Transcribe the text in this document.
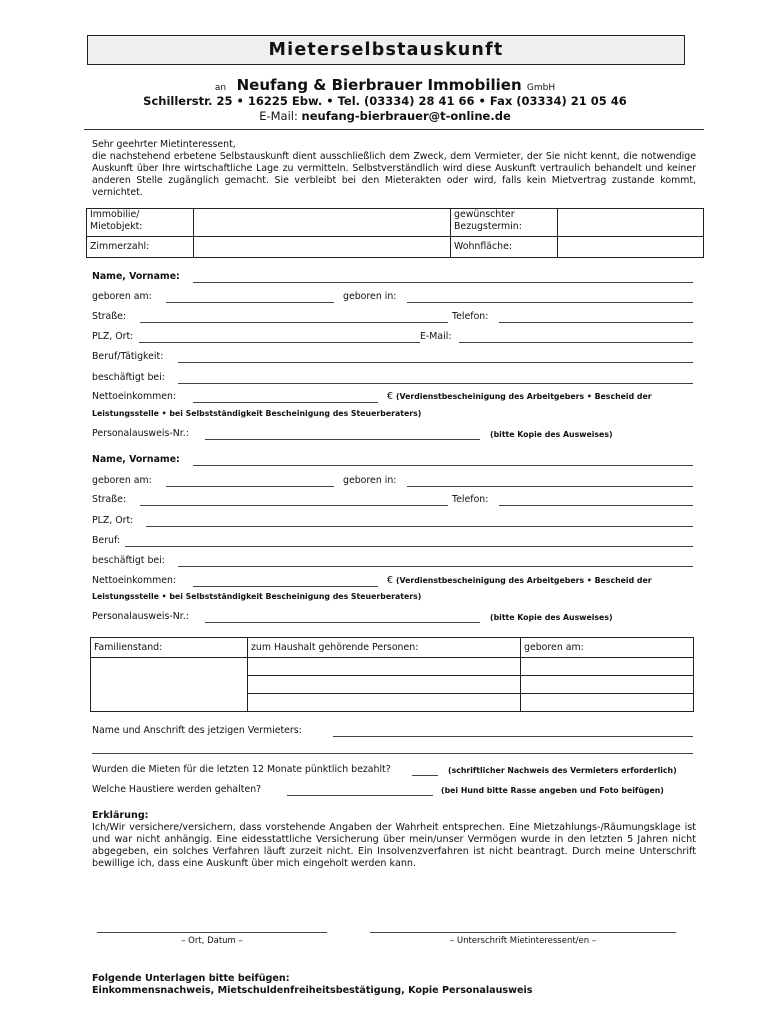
Mieterselbstauskunft
an Neufang & Bierbrauer Immobilien GmbH
Schillerstr. 25 • 16225 Ebw. • Tel. (03334) 28 41 66 • Fax (03334) 21 05 46
E-Mail: neufang-bierbrauer@t-online.de
Sehr geehrter Mietinteressent,
die nachstehend erbetene Selbstauskunft dient ausschließlich dem Zweck, dem Vermieter, der Sie nicht kennt, die notwendige Auskunft über Ihre wirtschaftliche Lage zu vermitteln. Selbstverständlich wird diese Auskunft vertraulich behandelt und keiner anderen Stelle zugänglich gemacht. Sie verbleibt bei den Mieterakten oder wird, falls kein Mietvertrag zustande kommt, vernichtet.
Immobilie/ Mietobjekt:		gewünschter Bezugstermin:	
Zimmerzahl:		Wohnfläche:	
Name, Vorname:
geboren am:	geboren in:
Straße:	Telefon:
PLZ, Ort:	E-Mail:
Beruf/Tätigkeit:
beschäftigt bei:
Nettoeinkommen:	€ (Verdienstbescheinigung des Arbeitgebers • Bescheid der
Leistungsstelle • bei Selbstständigkeit Bescheinigung des Steuerberaters)
Personalausweis-Nr.:	(bitte Kopie des Ausweises)
Name, Vorname:
geboren am:	geboren in:
Straße:	Telefon:
PLZ, Ort:
Beruf:
beschäftigt bei:
Nettoeinkommen:	€ (Verdienstbescheinigung des Arbeitgebers • Bescheid der
Leistungsstelle • bei Selbstständigkeit Bescheinigung des Steuerberaters)
Personalausweis-Nr.:	(bitte Kopie des Ausweises)
Familienstand:	zum Haushalt gehörende Personen:	geboren am:

Name und Anschrift des jetzigen Vermieters:
Wurden die Mieten für die letzten 12 Monate pünktlich bezahlt?	(schriftlicher Nachweis des Vermieters erforderlich)
Welche Haustiere werden gehalten?	(bei Hund bitte Rasse angeben und Foto beifügen)
Erklärung:
Ich/Wir versichere/versichern, dass vorstehende Angaben der Wahrheit entsprechen. Eine Mietzahlungs-/Räumungsklage ist und war nicht anhängig. Eine eidesstattliche Versicherung über mein/unser Vermögen wurde in den letzten 5 Jahren nicht abgegeben, ein solches Verfahren läuft zurzeit nicht. Ein Insolvenzverfahren ist nicht beantragt. Durch meine Unterschrift bewillige ich, dass eine Auskunft über mich eingeholt werden kann.
– Ort, Datum –	– Unterschrift Mietinteressent/en –
Folgende Unterlagen bitte beifügen:
Einkommensnachweis, Mietschuldenfreiheitsbestätigung, Kopie Personalausweis
